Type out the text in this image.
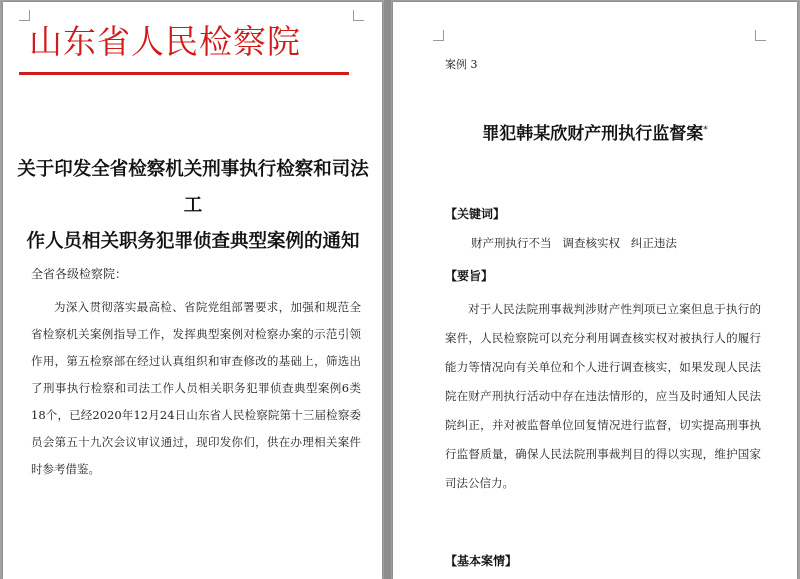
山东省人民检察院
关于印发全省检察机关刑事执行检察和司法工
作人员相关职务犯罪侦查典型案例的通知
全省各级检察院：
为深入贯彻落实最高检、省院党组部署要求，加强和规范全省检察机关案例指导工作，发挥典型案例对检察办案的示范引领作用，第五检察部在经过认真组织和审查修改的基础上，筛选出了刑事执行检察和司法工作人员相关职务犯罪侦查典型案例6类18个，已经2020年12月24日山东省人民检察院第十三届检察委员会第五十九次会议审议通过，现印发你们，供在办理相关案件时参考借鉴。
案例 3
罪犯韩某欣财产刑执行监督案*
【关键词】
财产刑执行不当   调查核实权   纠正违法
【要旨】
对于人民法院刑事裁判涉财产性判项已立案但息于执行的案件，人民检察院可以充分利用调查核实权对被执行人的履行能力等情况向有关单位和个人进行调查核实，如果发现人民法院在财产刑执行活动中存在违法情形的，应当及时通知人民法院纠正，并对被监督单位回复情况进行监督，切实提高刑事执行监督质量，确保人民法院刑事裁判目的得以实现，维护国家司法公信力。
【基本案情】
